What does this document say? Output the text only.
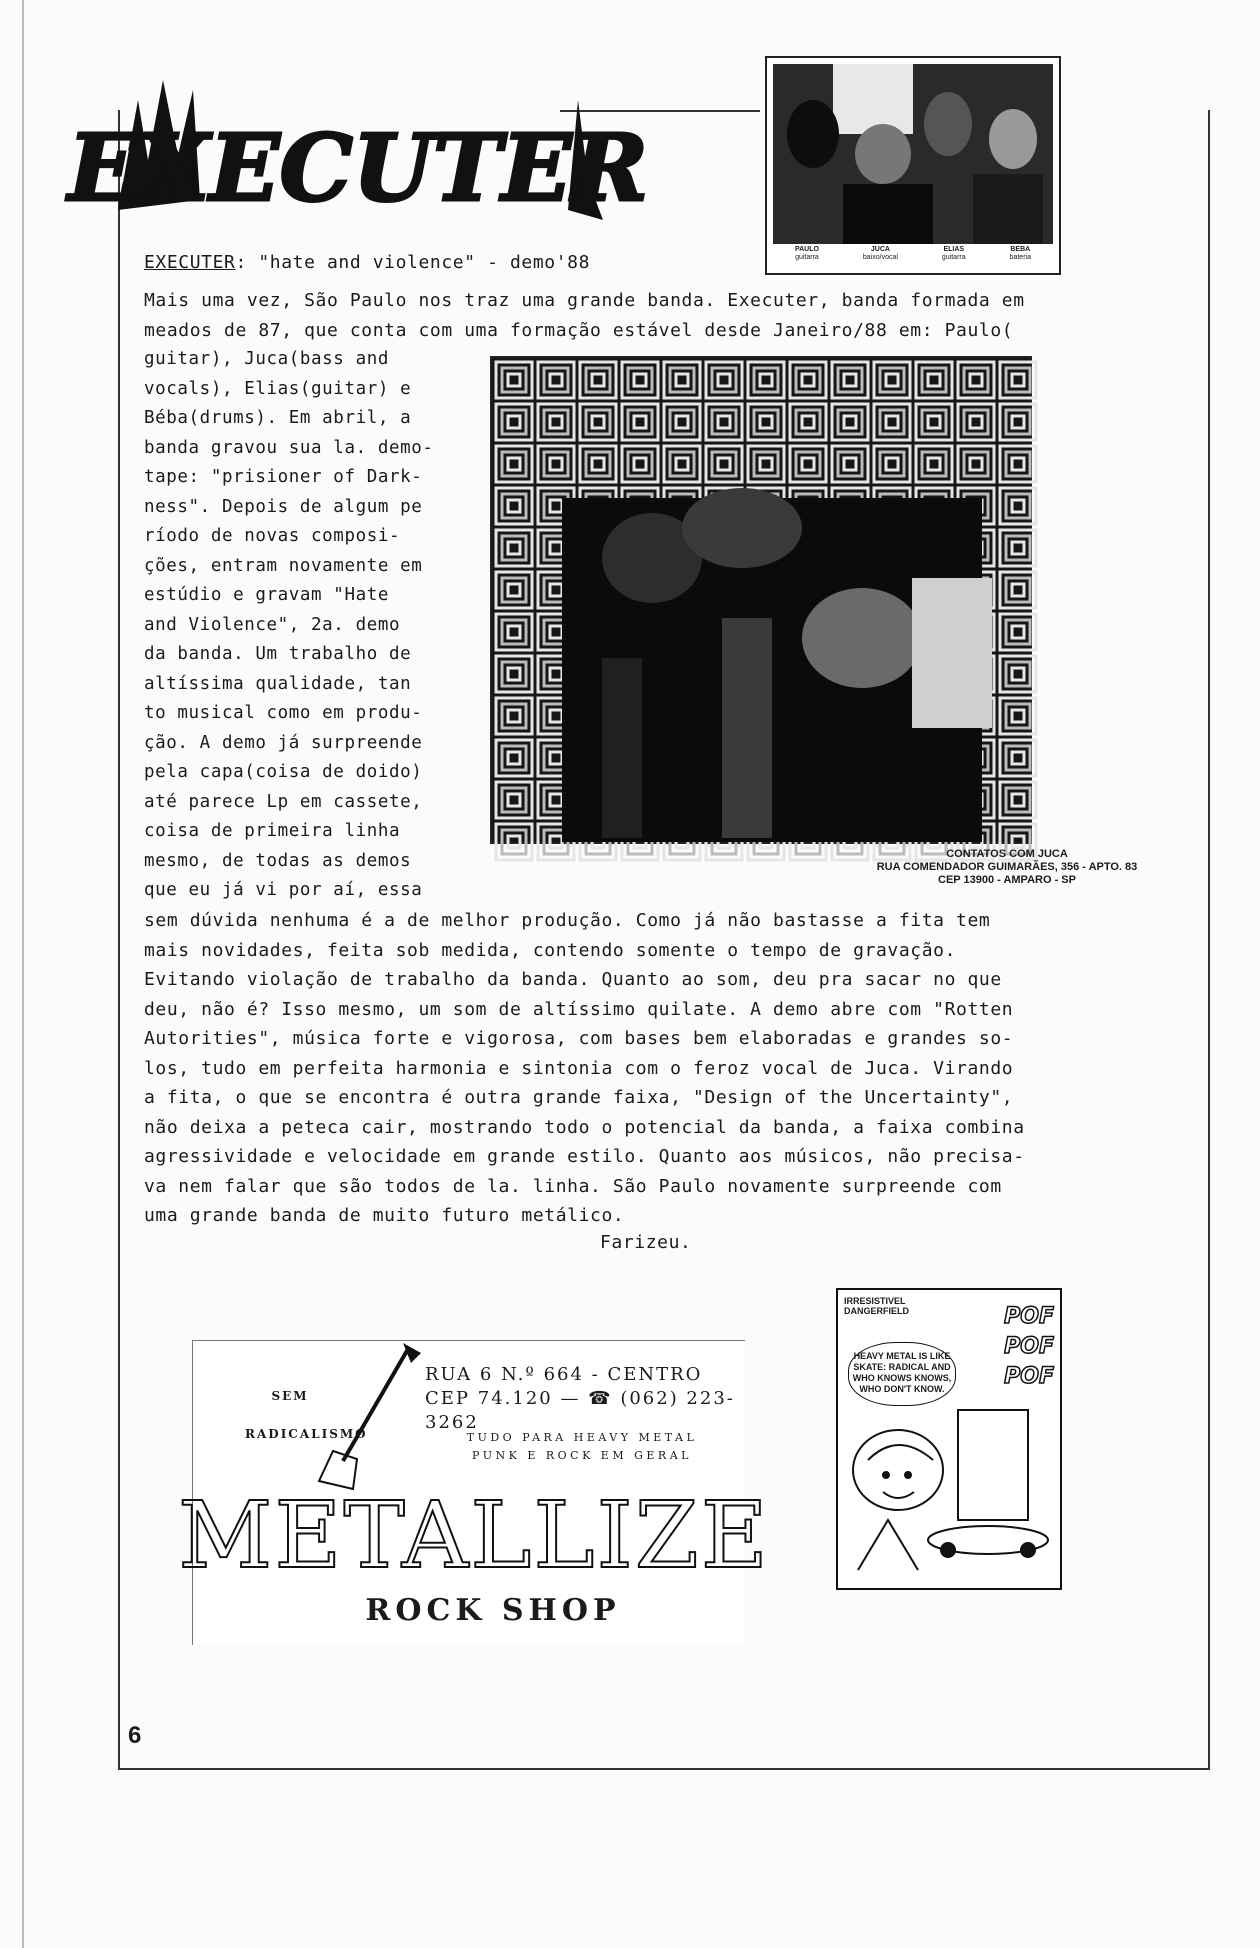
EXECUTER
PAULO
guitarra
JUCA
baixo/vocal
ELIAS
guitarra
BEBA
bateria
EXECUTER: "hate and violence" - demo'88
Mais uma vez, São Paulo nos traz uma grande banda. Executer, banda formada em
meados de 87, que conta com uma formação estável desde Janeiro/88 em: Paulo(
guitar), Juca(bass and
vocals), Elias(guitar) e
Béba(drums). Em abril, a
banda gravou sua la. demo-
tape: "prisioner of Dark-
ness". Depois de algum pe
ríodo de novas composi-
ções, entram novamente em
estúdio e gravam "Hate
and Violence", 2a. demo
da banda. Um trabalho de
altíssima qualidade, tan
to musical como em produ-
ção. A demo já surpreende
pela capa(coisa de doido)
até parece Lp em cassete,
coisa de primeira linha
mesmo, de todas as demos
que eu já vi por aí, essa
sem dúvida nenhuma é a de melhor produção. Como já não bastasse a fita tem
mais novidades, feita sob medida, contendo somente o tempo de gravação.
Evitando violação de trabalho da banda. Quanto ao som, deu pra sacar no que
deu, não é? Isso mesmo, um som de altíssimo quilate. A demo abre com "Rotten
Autorities", música forte e vigorosa, com bases bem elaboradas e grandes so-
los, tudo em perfeita harmonia e sintonia com o feroz vocal de Juca. Virando
a fita, o que se encontra é outra grande faixa, "Design of the Uncertainty",
não deixa a peteca cair, mostrando todo o potencial da banda, a faixa combina
agressividade e velocidade em grande estilo. Quanto aos músicos, não precisa-
va nem falar que são todos de la. linha. São Paulo novamente surpreende com
uma grande banda de muito futuro metálico.
CONTATOS COM JUCA
RUA COMENDADOR GUIMARÃES, 356 - APTO. 83
CEP 13900 - AMPARO - SP
Farizeu.
SEM
RADICALISMO
RUA 6 N.º 664 - CENTRO
CEP 74.120 — ☎ (062) 223-3262
TUDO PARA HEAVY METAL
PUNK E ROCK EM GERAL
METALLIZE
ROCK SHOP
IRRESISTIVEL DANGERFIELD
HEAVY METAL IS LIKE SKATE: RADICAL AND WHO KNOWS KNOWS, WHO DON'T KNOW.
POF
POF
POF
6
